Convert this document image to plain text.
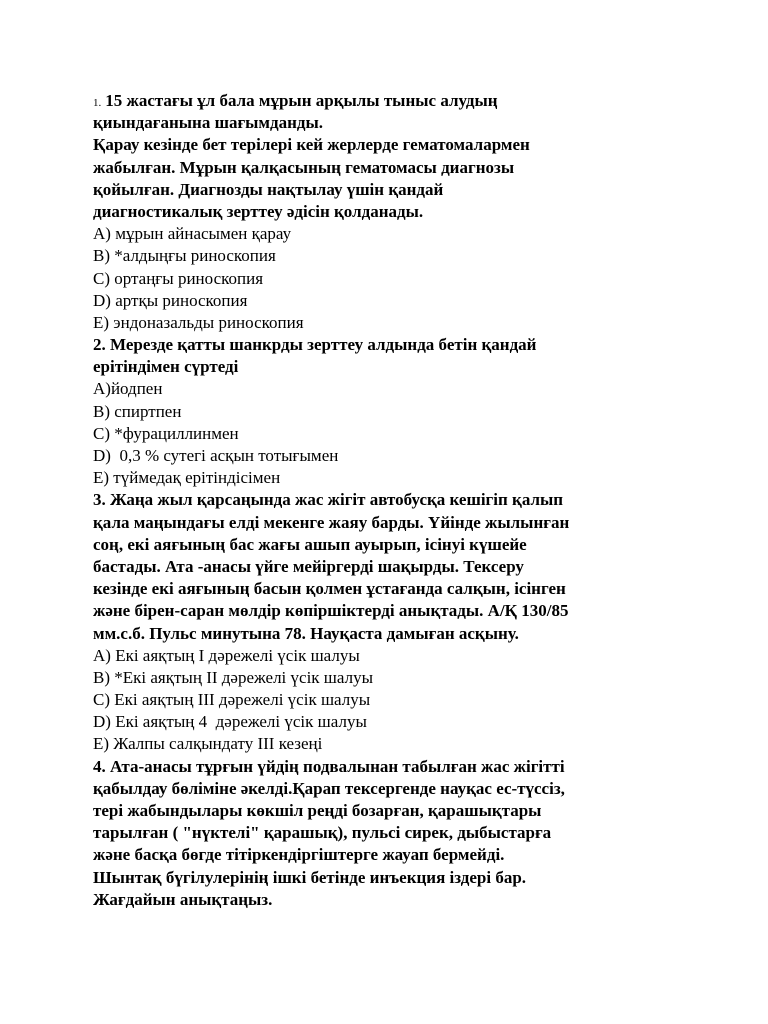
1. 15 жастағы ұл бала мұрын арқылы тыныс алудың
қиындағанына шағымданды.
Қарау кезінде бет терілері кей жерлерде гематомалармен
жабылған. Мұрын қалқасының гематомасы диагнозы
қойылған. Диагнозды нақтылау үшін қандай
диагностикалық зерттеу әдісін қолданады.
А) мұрын айнасымен қарау
В) *алдыңғы риноскопия
С) ортаңғы риноскопия
D) артқы риноскопия
Е) эндоназальды риноскопия
2. Мерезде қатты шанкрды зерттеу алдында бетін қандай
ерітіндімен сүртеді
А)йодпен
В) спиртпен
С) *фурациллинмен
D)  0,3 % сутегі асқын тотығымен
Е) түймедақ ерітіндісімен
3. Жаңа жыл қарсаңында жас жігіт автобусқа кешігіп қалып
қала маңындағы елді мекенге жаяу барды. Үйінде жылынған
соң, екі аяғының бас жағы ашып ауырып, ісінуі күшейе
бастады. Ата -анасы үйге мейіргерді шақырды. Тексеру
кезінде екі аяғының басын қолмен ұстағанда салқын, ісінген
және бірен-саран мөлдір көпіршіктерді анықтады. А/Қ 130/85
мм.с.б. Пульс минутына 78. Науқаста дамыған асқыну.
А) Екі аяқтың І дәрежелі үсік шалуы
В) *Екі аяқтың ІІ дәрежелі үсік шалуы
С) Екі аяқтың ІІІ дәрежелі үсік шалуы
D) Екі аяқтың 4  дәрежелі үсік шалуы
Е) Жалпы салқындату ІІІ кезеңі
4. Ата-анасы тұрғын үйдің подвалынан табылған жас жігітті
қабылдау бөліміне әкелді.Қарап тексергенде науқас ес-түссіз,
тері жабындылары көкшіл реңді бозарған, қарашықтары
тарылған ( "нүктелі" қарашық), пульсі сирек, дыбыстарға
және басқа бөгде тітіркендіргіштерге жауап бермейді.
Шынтақ бүгілулерінің ішкі бетінде инъекция іздері бар.
Жағдайын анықтаңыз.
